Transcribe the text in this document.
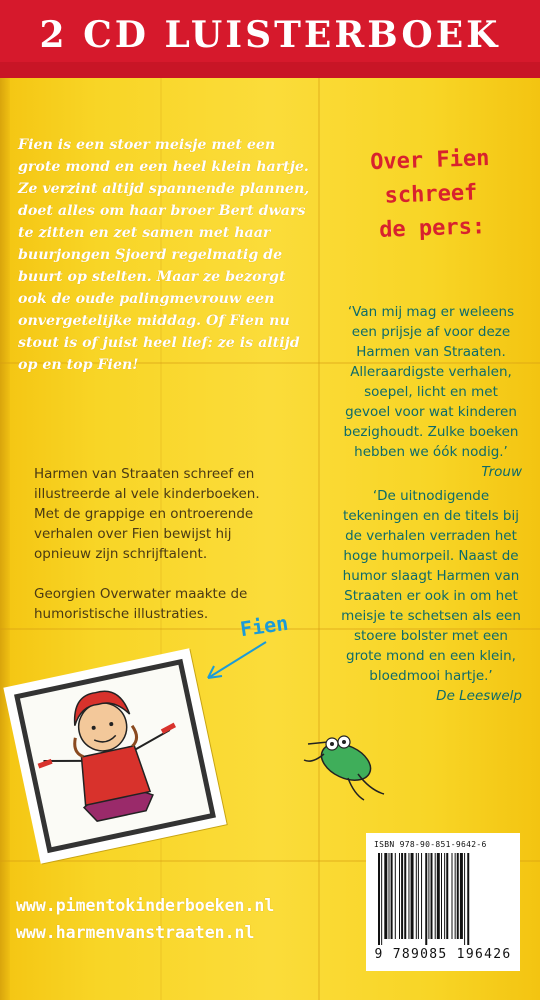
2 CD LUISTERBOEK
Fien is een stoer meisje met een grote mond en een heel klein hartje. Ze verzint altijd spannende plannen, doet alles om haar broer Bert dwars te zitten en zet samen met haar buurjongen Sjoerd regelmatig de buurt op stelten. Maar ze bezorgt ook de oude palingmevrouw een onvergetelijke middag. Of Fien nu stout is of juist heel lief: ze is altijd op en top Fien!

Harmen van Straaten schreef en illustreerde al vele kinderboeken. Met de grappige en ontroerende verhalen over Fien bewijst hij opnieuw zijn schrijftalent.

Georgien Overwater maakte de humoristische illustraties.

Over Fien
schreef
de pers:
‘Van mij mag er weleens een prijsje af voor deze Harmen van Straaten. Alleraardigste verhalen, soepel, licht en met gevoel voor wat kinderen bezighoudt. Zulke boeken hebben we óók nodig.’
Trouw
‘De uitnodigende tekeningen en de titels bij de verhalen verraden het hoge humorpeil. Naast de humor slaagt Harmen van Straaten er ook in om het meisje te schetsen als een stoere bolster met een grote mond en een klein, bloedmooi hartje.’
De Leeswelp
Fien
www.pimentokinderboeken.nl
www.harmenvanstraaten.nl
ISBN 978-90-851-9642-6
9 789085 196426
